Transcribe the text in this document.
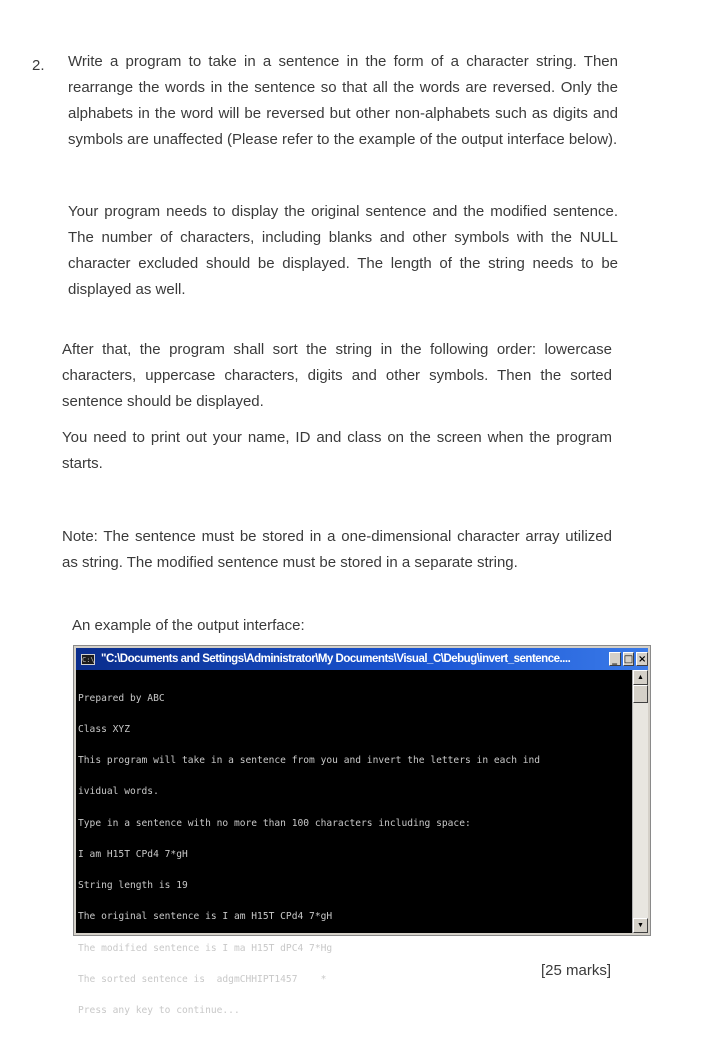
2. Write a program to take in a sentence in the form of a character string. Then rearrange the words in the sentence so that all the words are reversed. Only the alphabets in the word will be reversed but other non-alphabets such as digits and symbols are unaffected (Please refer to the example of the output interface below).

Your program needs to display the original sentence and the modified sentence. The number of characters, including blanks and other symbols with the NULL character excluded should be displayed. The length of the string needs to be displayed as well.

After that, the program shall sort the string in the following order: lowercase characters, uppercase characters, digits and other symbols. Then the sorted sentence should be displayed.

You need to print out your name, ID and class on the screen when the program starts.

Note: The sentence must be stored in a one-dimensional character array utilized as string. The modified sentence must be stored in a separate string.

An example of the output interface:
C:\ "C:\Documents and Settings\Administrator\My Documents\Visual_C\Debug\invert_sentence....	_ □ ×

Prepared by ABC

Class XYZ

This program will take in a sentence from you and invert the letters in each ind

ividual words.

Type in a sentence with no more than 100 characters including space:

I am H15T CPd4 7*gH

String length is 19

The original sentence is I am H15T CPd4 7*gH

The modified sentence is I ma H15T dPC4 7*Hg

The sorted sentence is  adgmCHHIPT1457    *

Press any key to continue...

▲
▼
[25 marks]
